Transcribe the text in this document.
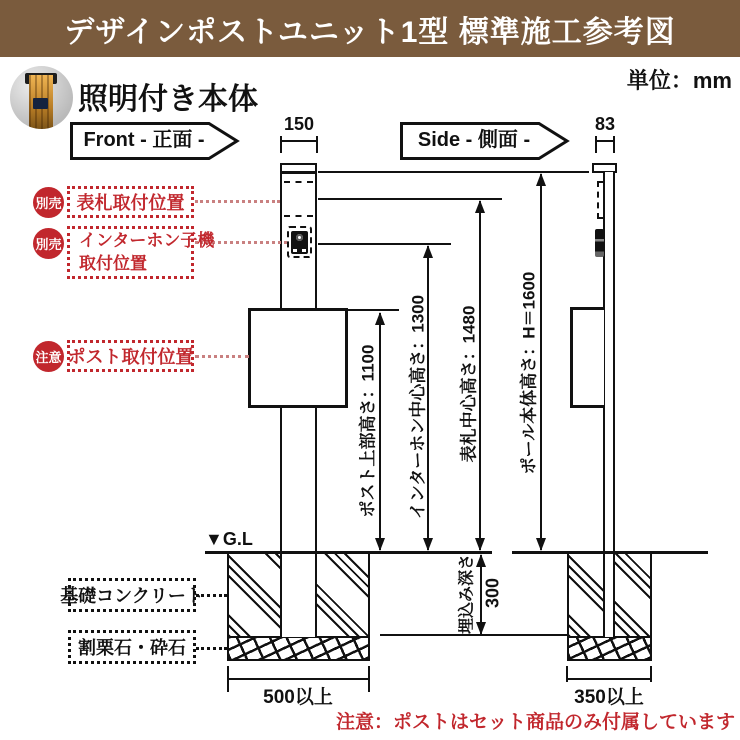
デザインポストユニット1型 標準施工参考図
単位：mm
照明付き本体
Front - 正面 -	Side - 側面 -
150	83
▼G.L
ポスト上部高さ：1100 インターホン中心高さ：1300 表札中心高さ：1480 ポール本体高さ：H＝1600
埋込み深さ 300
別売 表札取付位置
別売 インターホン子機
取付位置
注意 ポスト取付位置
基礎コンクリート
割栗石・砕石
500以上	350以上
注意：ポストはセット商品のみ付属しています
